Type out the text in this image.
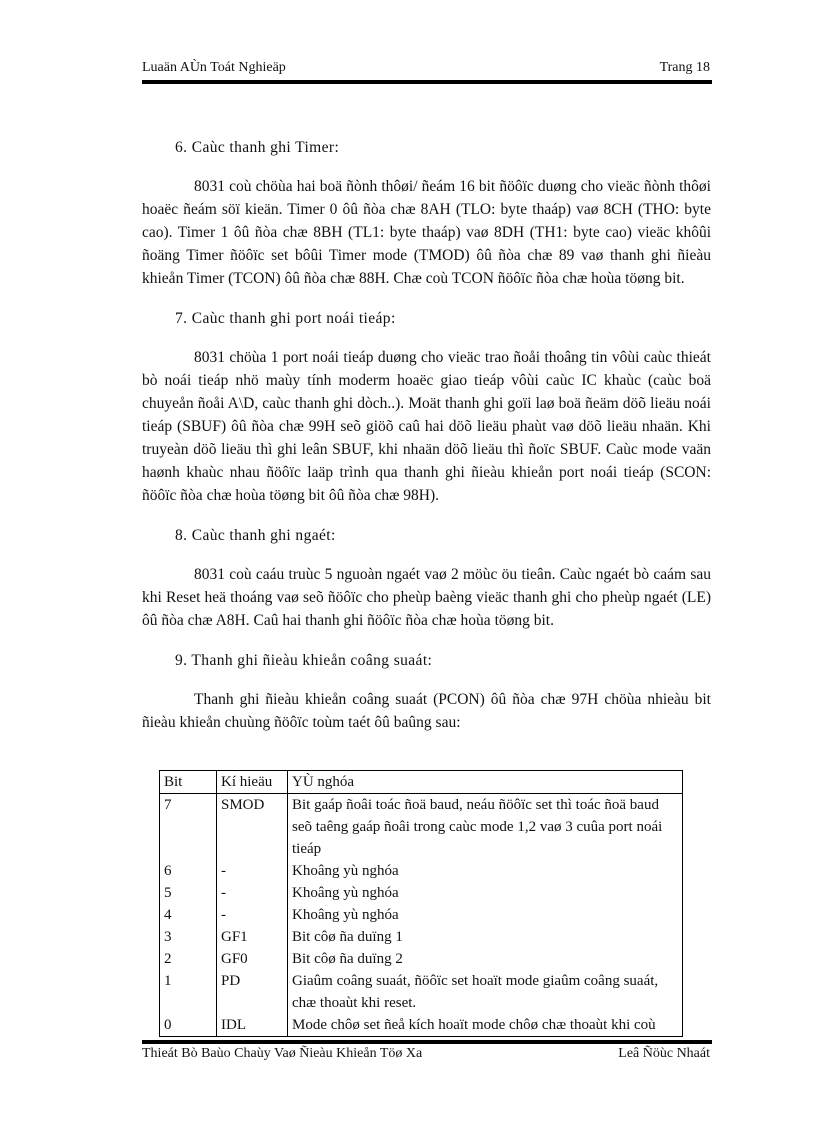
Luaän AÙn Toát Nghieäp	Trang 18

6. Caùc thanh ghi Timer:

8031 coù chöùa hai boä ñònh thôøi/ ñeám 16 bit ñöôïc duøng cho vieäc ñònh thôøi hoaëc ñeám söï kieän. Timer 0 ôû ñòa chæ 8AH (TLO: byte thaáp) vaø 8CH (THO: byte cao). Timer 1 ôû ñòa chæ 8BH (TL1: byte thaáp) vaø 8DH (TH1: byte cao) vieäc khôûi ñoäng Timer ñöôïc set bôûi Timer mode (TMOD) ôû ñòa chæ 89 vaø thanh ghi ñieàu khieån Timer (TCON) ôû ñòa chæ 88H. Chæ coù TCON ñöôïc ñòa chæ hoùa töøng bit.

7. Caùc thanh ghi port noái tieáp:

8031 chöùa 1 port noái tieáp duøng cho vieäc trao ñoåi thoâng tin vôùi caùc thieát bò noái tieáp nhö maùy tính moderm hoaëc giao tieáp vôùi caùc IC khaùc (caùc boä chuyeån ñoåi A\D, caùc thanh ghi dòch..). Moät thanh ghi goïi laø boä ñeäm döõ lieäu noái tieáp (SBUF) ôû ñòa chæ 99H seõ giöõ caû hai döõ lieäu phaùt vaø döõ lieäu nhaän. Khi truyeàn döõ lieäu thì ghi leân SBUF, khi nhaän döõ lieäu thì ñoïc SBUF. Caùc mode vaän haønh khaùc nhau ñöôïc laäp trình qua thanh ghi ñieàu khieån port noái tieáp (SCON: ñöôïc ñòa chæ hoùa töøng bit ôû ñòa chæ 98H).

8. Caùc thanh ghi ngaét:

8031 coù caáu truùc 5 nguoàn ngaét vaø 2 möùc öu tieân. Caùc ngaét bò caám sau khi Reset heä thoáng vaø seõ ñöôïc cho pheùp baèng vieäc thanh ghi cho pheùp ngaét (LE) ôû ñòa chæ A8H. Caû hai thanh ghi ñöôïc ñòa chæ hoùa töøng bit.

9. Thanh ghi ñieàu khieån coâng suaát:

Thanh ghi ñieàu khieån coâng suaát (PCON) ôû ñòa chæ 97H chöùa nhieàu bit ñieàu khieån chuùng ñöôïc toùm taét ôû baûng sau:

Bit	Kí hieäu	YÙ nghóa
7	SMOD	Bit gaáp ñoâi toác ñoä baud, neáu ñöôïc set thì toác ñoä baud seõ taêng gaáp ñoâi trong caùc mode 1,2 vaø 3 cuûa port noái tieáp
6	-	Khoâng yù nghóa
5	-	Khoâng yù nghóa
4	-	Khoâng yù nghóa
3	GF1	Bit côø ña duïng 1
2	GF0	Bit côø ña duïng 2
1	PD	Giaûm coâng suaát, ñöôïc set hoaït mode giaûm coâng suaát, chæ thoaùt khi reset.
0	IDL	Mode chôø set ñeå kích hoaït mode chôø chæ thoaùt khi coù
Thieát Bò Baùo Chaùy Vaø Ñieàu Khieån Töø Xa	Leâ Ñöùc Nhaát
